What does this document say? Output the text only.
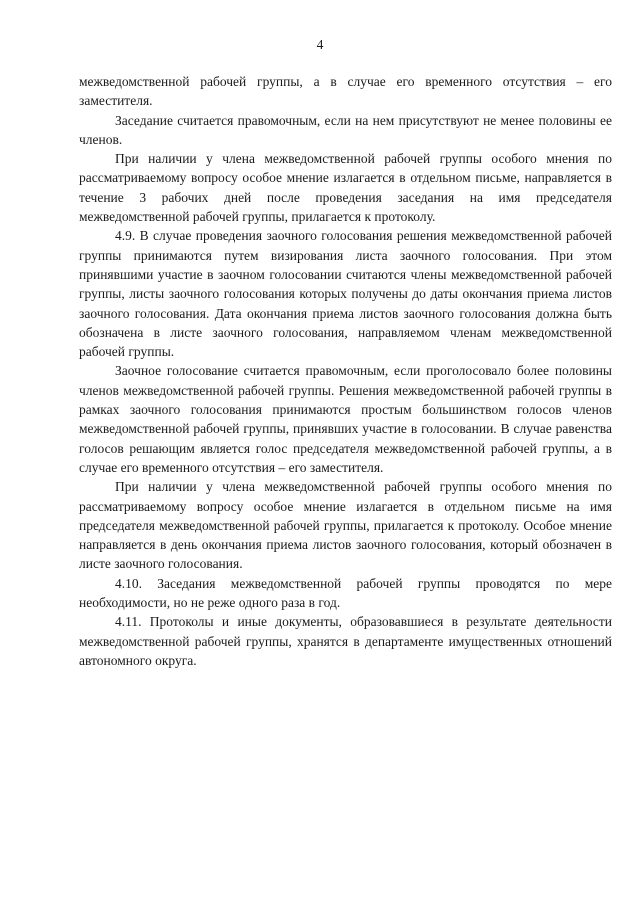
4

межведомственной рабочей группы, а в случае его временного отсутствия – его заместителя.

Заседание считается правомочным, если на нем присутствуют не менее половины ее членов.

При наличии у члена межведомственной рабочей группы особого мнения по рассматриваемому вопросу особое мнение излагается в отдельном письме, направляется в течение 3 рабочих дней после проведения заседания на имя председателя межведомственной рабочей группы, прилагается к протоколу.

4.9. В случае проведения заочного голосования решения межведомственной рабочей группы принимаются путем визирования листа заочного голосования. При этом принявшими участие в заочном голосовании считаются члены межведомственной рабочей группы, листы заочного голосования которых получены до даты окончания приема листов заочного голосования. Дата окончания приема листов заочного голосования должна быть обозначена в листе заочного голосования, направляемом членам межведомственной рабочей группы.

Заочное голосование считается правомочным, если проголосовало более половины членов межведомственной рабочей группы. Решения межведомственной рабочей группы в рамках заочного голосования принимаются простым большинством голосов членов межведомственной рабочей группы, принявших участие в голосовании. В случае равенства голосов решающим является голос председателя межведомственной рабочей группы, а в случае его временного отсутствия – его заместителя.

При наличии у члена межведомственной рабочей группы особого мнения по рассматриваемому вопросу особое мнение излагается в отдельном письме на имя председателя межведомственной рабочей группы, прилагается к протоколу. Особое мнение направляется в день окончания приема листов заочного голосования, который обозначен в листе заочного голосования.

4.10. Заседания межведомственной рабочей группы проводятся по мере необходимости, но не реже одного раза в год.

4.11. Протоколы и иные документы, образовавшиеся в результате деятельности межведомственной рабочей группы, хранятся в департаменте имущественных отношений автономного округа.
